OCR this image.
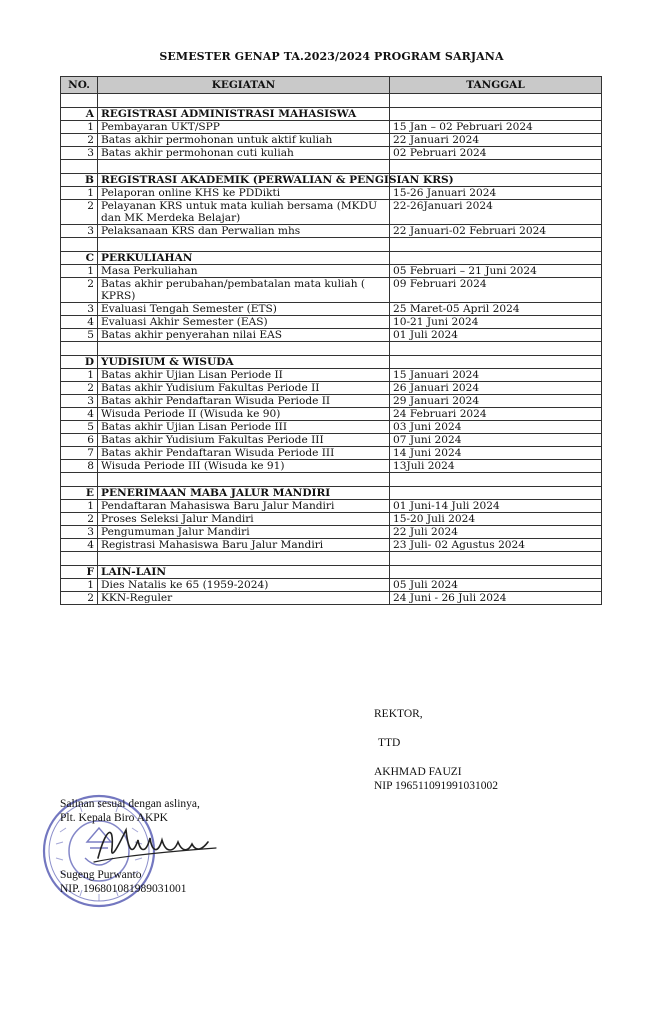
SEMESTER GENAP TA.2023/2024 PROGRAM SARJANA
NO.	KEGIATAN	TANGGAL

A	REGISTRASI ADMINISTRASI MAHASISWA	
1	Pembayaran UKT/SPP	15 Jan – 02 Pebruari 2024
2	Batas akhir permohonan untuk aktif kuliah	22 Januari 2024
3	Batas akhir permohonan cuti kuliah	02 Pebruari 2024

B	REGISTRASI AKADEMIK (PERWALIAN & PENGISIAN KRS)	
1	Pelaporan online KHS ke PDDikti	15-26 Januari 2024
2	Pelayanan KRS untuk mata kuliah bersama (MKDU dan MK Merdeka Belajar)	22-26Januari 2024
3	Pelaksanaan KRS dan Perwalian mhs	22 Januari-02 Februari 2024

C	PERKULIAHAN	
1	Masa Perkuliahan	05 Februari – 21 Juni 2024
2	Batas akhir perubahan/pembatalan mata kuliah ( KPRS)	09 Februari 2024
3	Evaluasi Tengah Semester (ETS)	25 Maret-05 April 2024
4	Evaluasi Akhir Semester (EAS)	10-21 Juni 2024
5	Batas akhir penyerahan nilai EAS	01 Juli 2024

D	YUDISIUM & WISUDA	
1	Batas akhir Ujian Lisan Periode II	15 Januari 2024
2	Batas akhir Yudisium Fakultas Periode II	26 Januari 2024
3	Batas akhir Pendaftaran Wisuda Periode II	29 Januari 2024
4	Wisuda Periode II (Wisuda ke 90)	24 Februari 2024
5	Batas akhir Ujian Lisan Periode III	03 Juni 2024
6	Batas akhir Yudisium Fakultas Periode III	07 Juni 2024
7	Batas akhir Pendaftaran Wisuda Periode III	14 Juni 2024
8	Wisuda Periode III (Wisuda ke 91)	13Juli 2024

E	PENERIMAAN MABA JALUR MANDIRI	
1	Pendaftaran Mahasiswa Baru Jalur Mandiri	01 Juni-14 Juli 2024
2	Proses Seleksi Jalur Mandiri	15-20 Juli 2024
3	Pengumuman Jalur Mandiri	22 Juli 2024
4	Registrasi Mahasiswa Baru Jalur Mandiri	23 Juli- 02 Agustus 2024

F	LAIN-LAIN	
1	Dies Natalis ke 65 (1959-2024)	05 Juli 2024
2	KKN-Reguler	24 Juni - 26 Juli 2024
REKTOR,
TTD
AKHMAD FAUZI
NIP 196511091991031002
Salinan sesuai dengan aslinya,
Plt. Kepala Biro AKPK
Sugeng Purwanto
NIP. 196801081989031001
